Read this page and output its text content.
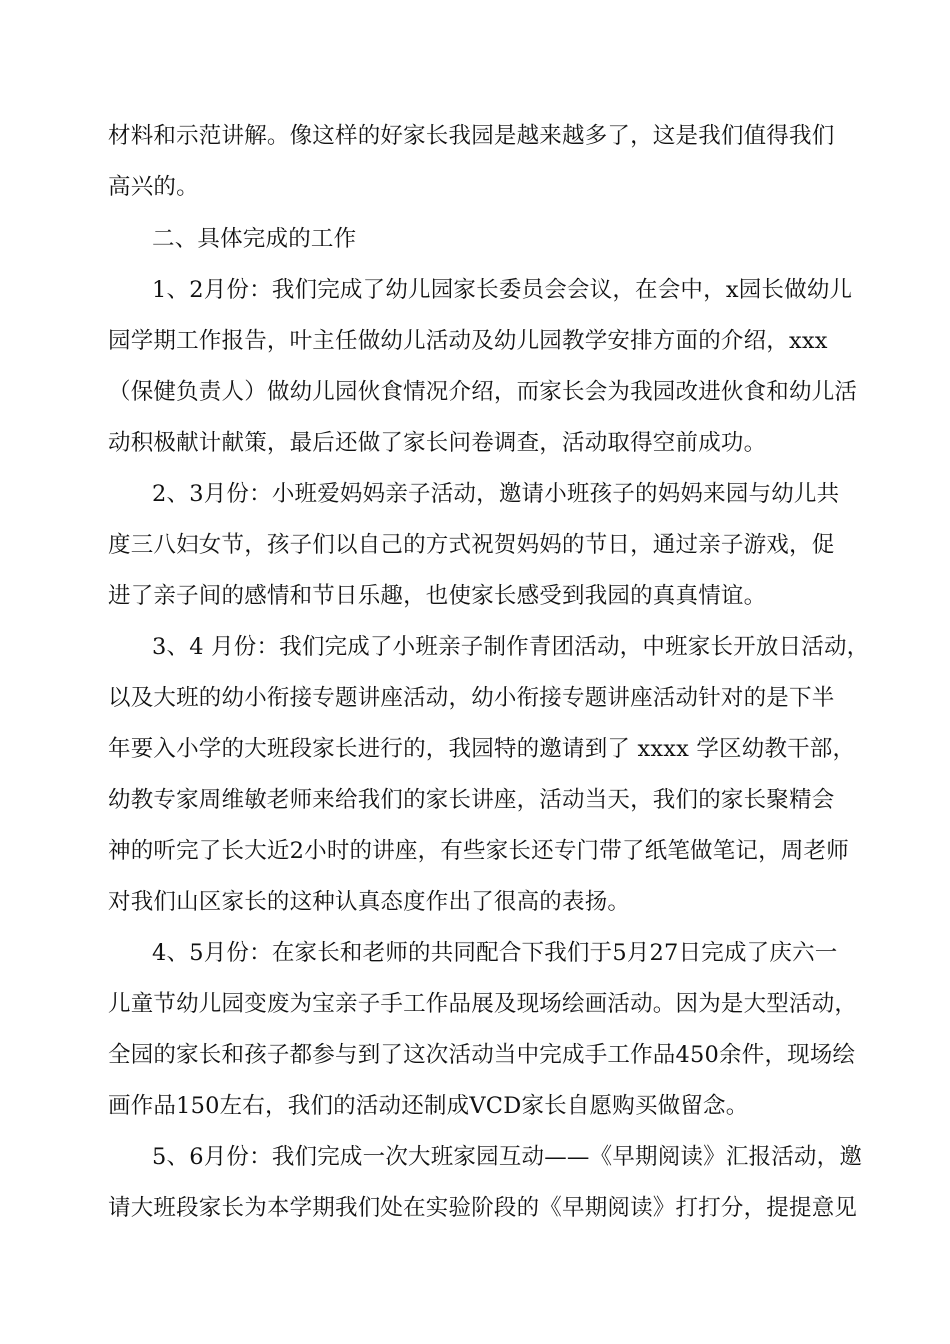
材料和示范讲解。像这样的好家长我园是越来越多了，这是我们值得我们
高兴的。
二、具体完成的工作
1、2月份：我们完成了幼儿园家长委员会会议，在会中，x园长做幼儿
园学期工作报告，叶主任做幼儿活动及幼儿园教学安排方面的介绍，xxx
（保健负责人）做幼儿园伙食情况介绍，而家长会为我园改进伙食和幼儿活
动积极献计献策，最后还做了家长问卷调查，活动取得空前成功。
2、3月份：小班爱妈妈亲子活动，邀请小班孩子的妈妈来园与幼儿共
度三八妇女节，孩子们以自己的方式祝贺妈妈的节日，通过亲子游戏，促
进了亲子间的感情和节日乐趣，也使家长感受到我园的真真情谊。
3、4 月份：我们完成了小班亲子制作青团活动，中班家长开放日活动，
以及大班的幼小衔接专题讲座活动，幼小衔接专题讲座活动针对的是下半
年要入小学的大班段家长进行的，我园特的邀请到了 xxxx 学区幼教干部，
幼教专家周维敏老师来给我们的家长讲座，活动当天，我们的家长聚精会
神的听完了长大近2小时的讲座，有些家长还专门带了纸笔做笔记，周老师
对我们山区家长的这种认真态度作出了很高的表扬。
4、5月份：在家长和老师的共同配合下我们于5月27日完成了庆六一
儿童节幼儿园变废为宝亲子手工作品展及现场绘画活动。因为是大型活动，
全园的家长和孩子都参与到了这次活动当中完成手工作品450余件，现场绘
画作品150左右，我们的活动还制成VCD家长自愿购买做留念。
5、6月份：我们完成一次大班家园互动——《早期阅读》汇报活动，邀
请大班段家长为本学期我们处在实验阶段的《早期阅读》打打分，提提意见
